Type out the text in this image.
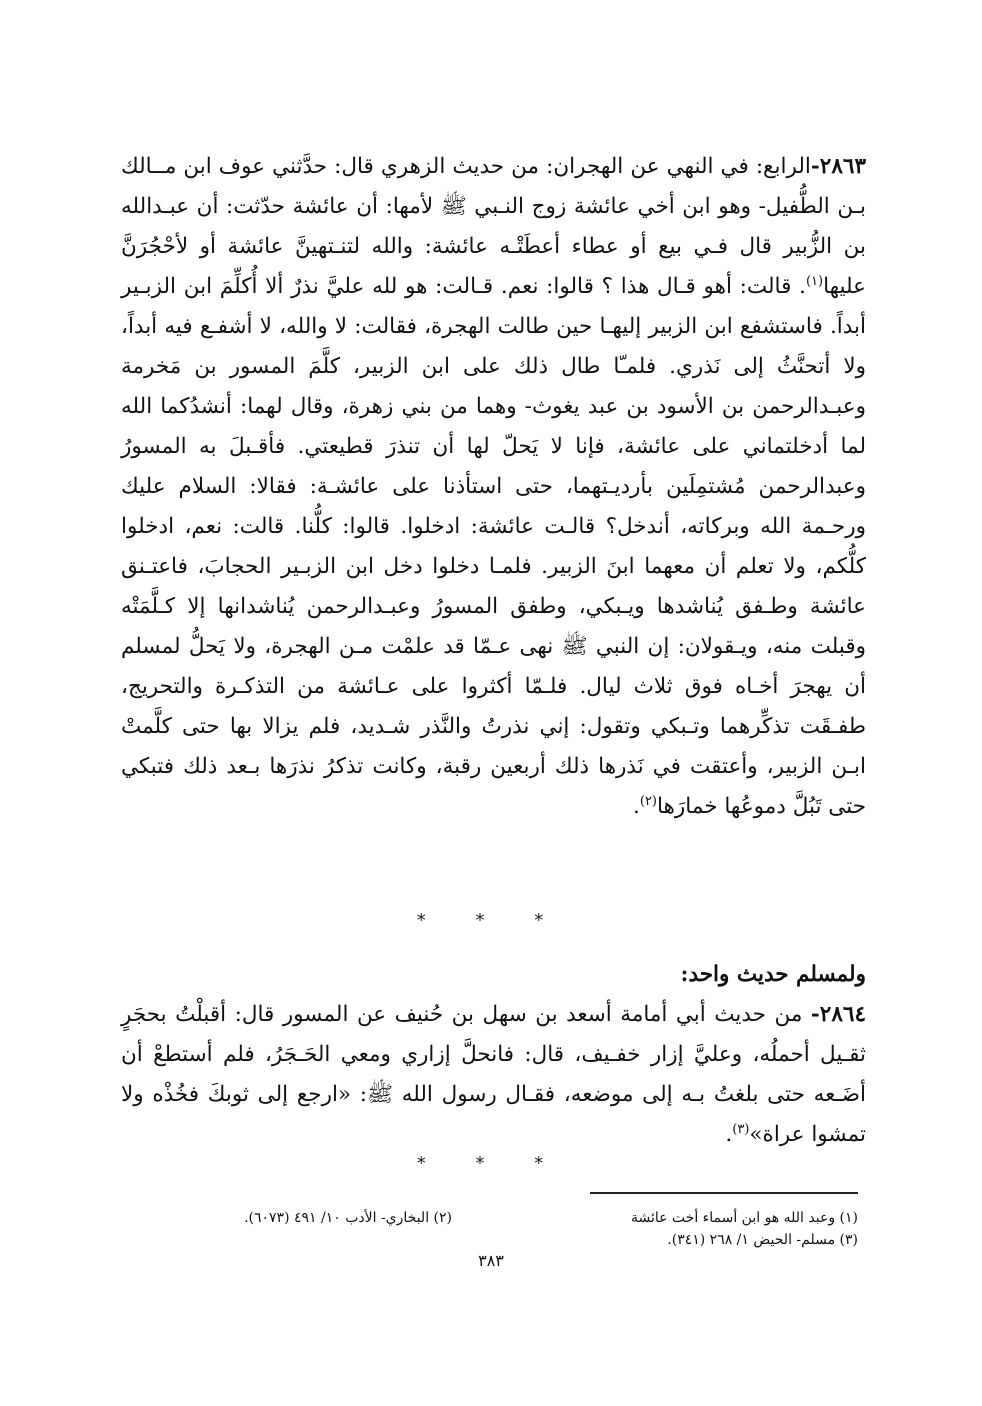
٢٨٦٣-الرابع: في النهي عن الهجران: من حديث الزهري قال: حدَّثني عوف ابن مــالك بـن الطُّفيل- وهو ابن أخي عائشة زوج النـبي ﷺ لأمها: أن عائشة حدّثت: أن عبـدالله بن الزُّبير قال فـي بيع أو عطاء أعطَتْـه عائشة: والله لتنـتهينَّ عائشة أو لأحْجُرَنَّ عليها$^{(١)}$. قالت: أهو قـال هذا ؟ قالوا: نعم. قـالت: هو لله عليَّ نذرٌ ألا أُكلِّمَ ابن الزبـير أبداً. فاستشفع ابن الزبير إليهـا حين طالت الهجرة، فقالت: لا والله، لا أشفـع فيه أبداً، ولا أتحنَّثُ إلى نَذري. فلمـّا طال ذلك على ابن الزبير، كلَّمَ المسور بن مَخرمة وعبـدالرحمن بن الأسود بن عبد يغوث- وهما من بني زهرة، وقال لهما: أنشدُكما الله لما أدخلتماني على عائشة، فإنا لا يَحلّ لها أن تنذرَ قطيعتي. فأقـبلَ به المسورُ وعبدالرحمن مُشتمِلَين بأرديـتهما، حتى استأذنا على عائشـة: فقالا: السلام عليك ورحـمة الله وبركاته، أندخل؟ قالـت عائشة: ادخلوا. قالوا: كلُّنا. قالت: نعم، ادخلوا كلُّكم، ولا تعلم أن معهما ابنَ الزبير. فلمـا دخلوا دخل ابن الزبـير الحجابَ، فاعتـنق عائشة وطـفق يُناشدها ويـبكي، وطفق المسورُ وعبـدالرحمن يُناشدانها إلا كـلَّمَتْه وقبلت منه، ويـقولان: إن النبي ﷺ نهى عـمّا قد علمْت مـن الهجرة، ولا يَحلُّ لمسلم أن يهجرَ أخـاه فوق ثلاث ليال. فلـمّا أكثروا على عـائشة من التذكـرة والتحريج، طفـقَت تذكِّرهما وتـبكي وتقول: إني نذرتُ والنَّذر شـديد، فلم يزالا بها حتى كلَّمتْ ابـن الزبير، وأعتقت في نَذرها ذلك أربعين رقبة، وكانت تذكرُ نذرَها بـعد ذلك فتبكي حتى تَبُلَّ دموعُها خمارَها$^{(٢)}$.

* * *

ولمسلم حديث واحد:

٢٨٦٤- من حديث أبي أمامة أسعد بن سهل بن حُنيف عن المسور قال: أقبلْتُ بحجَرٍ ثقـيل أحملُه، وعليَّ إزار خفـيف، قال: فانحلَّ إزاري ومعي الحَـجَرُ، فلم أستطعْ أن أضَـعه حتى بلغتُ بـه إلى موضعه، فقـال رسول الله ﷺ: «ارجع إلى ثوبكَ فخُذْه ولا تمشوا عراة»$^{(٣)}$.

* * *
(١) وعبد الله هو ابن أسماء أخت عائشة
(٢) البخاري- الأدب ١٠/ ٤٩١ (٦٠٧٣).
(٣) مسلم- الحيض ١/ ٢٦٨ (٣٤١).
٣٨٣
